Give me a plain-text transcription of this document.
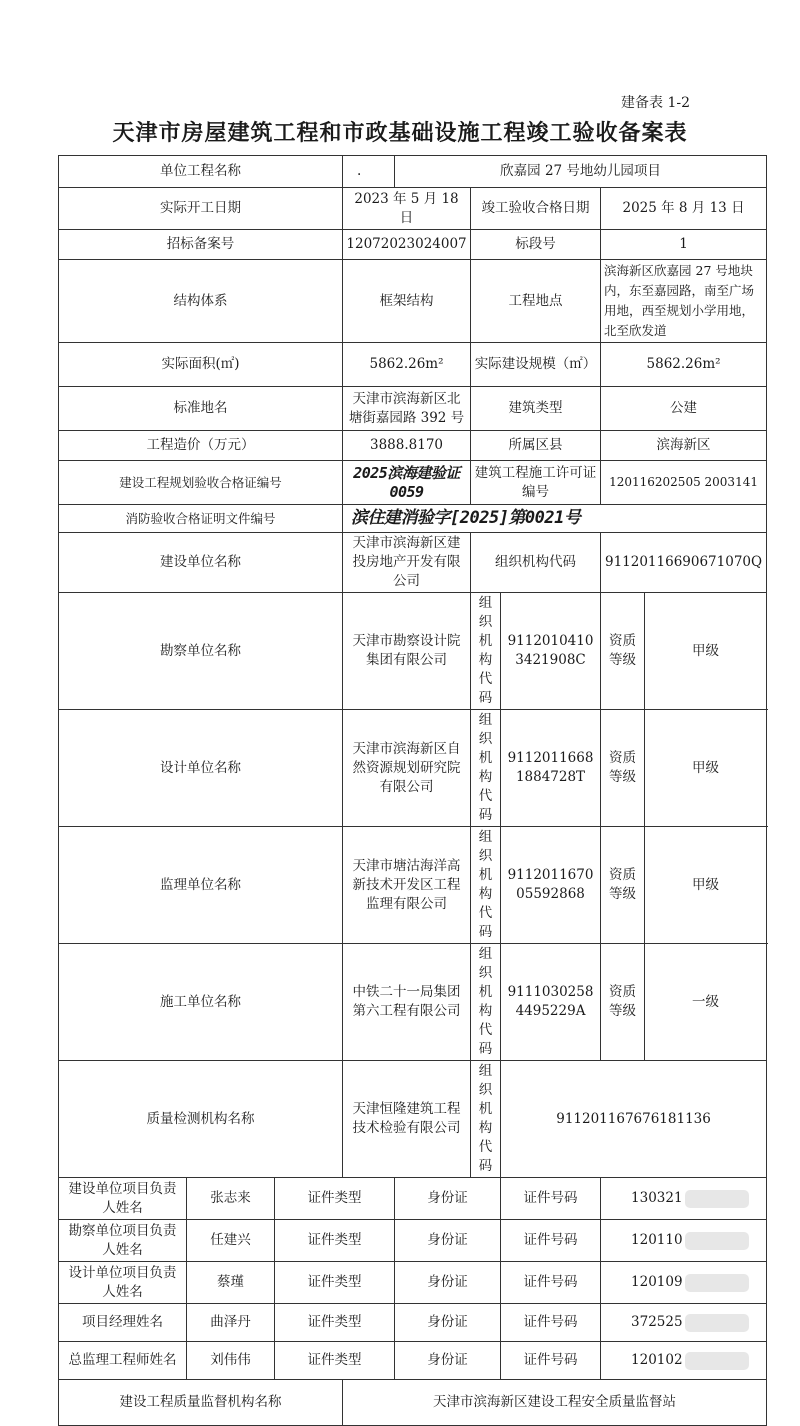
建备表 1-2
天津市房屋建筑工程和市政基础设施工程竣工验收备案表
单位工程名称			.	欣嘉园 27 号地幼儿园项目				
实际开工日期			2023 年 5 月 18 日		竣工验收合格日期		2025 年 8 月 13 日	
招标备案号			12072023024007		标段号		1	
结构体系			框架结构		工程地点		滨海新区欣嘉园 27 号地块内，东至嘉园路，南至广场用地，西至规划小学用地， 北至欣发道	
实际面积(㎡)			5862.26m²		实际建设规模（㎡）		5862.26m²	
标准地名			天津市滨海新区北塘街嘉园路 392 号		建筑类型		公建	
工程造价（万元）			3888.8170		所属区县		滨海新区	
建设工程规划验收合格证编号			2025滨海建验证0059		建筑工程施工许可证编号		120116202505 2003141	
消防验收合格证明文件编号			滨住建消验字[2025]第0021号					
建设单位名称			天津市滨海新区建投房地产开发有限公司		组织机构代码		91120116690671070Q	
勘察单位名称			天津市勘察设计院集团有限公司		组织机构代码	91120104103421908C	资质等级	甲级
设计单位名称			天津市滨海新区自然资源规划研究院有限公司		组织机构代码	91120116681884728T	资质等级	甲级
监理单位名称			天津市塘沽海洋高新技术开发区工程监理有限公司		组织机构代码	911201167005592868	资质等级	甲级
施工单位名称			中铁二十一局集团第六工程有限公司		组织机构代码	91110302584495229A	资质等级	一级
质量检测机构名称			天津恒隆建筑工程技术检验有限公司		组织机构代码	911201167676181136		
建设单位项目负责人姓名	张志来	证件类型		身份证		证件号码	130321	
勘察单位项目负责人姓名	任建兴	证件类型		身份证		证件号码	120110	
设计单位项目负责人姓名	蔡瑾	证件类型		身份证		证件号码	120109	
项目经理姓名	曲泽丹	证件类型		身份证		证件号码	372525	
总监理工程师姓名	刘伟伟	证件类型		身份证		证件号码	120102	
建设工程质量监督机构名称			天津市滨海新区建设工程安全质量监督站					
